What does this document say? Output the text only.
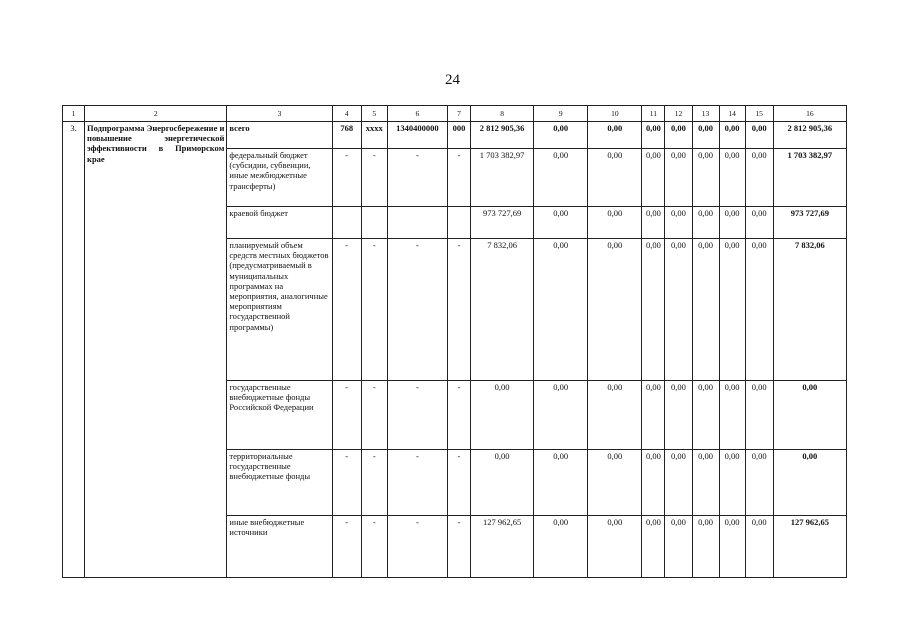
24
1	2	3	4	5	6	7	8	9	10	11	12	13	14	15	16
3.	Подпрограмма Энергосбережение и повышение энергетической эффективности в Приморском крае	всего	768	xxxx	1340400000	000	2 812 905,36	0,00	0,00	0,00	0,00	0,00	0,00	0,00	2 812 905,36
		федеральный бюджет (субсидии, субвенции, иные межбюджетные трансферты)	-	-	-	-	1 703 382,97	0,00	0,00	0,00	0,00	0,00	0,00	0,00	1 703 382,97
		краевой бюджет					973 727,69	0,00	0,00	0,00	0,00	0,00	0,00	0,00	973 727,69
		планируемый объем средств местных бюджетов (предусматриваемый в муниципальных программах на мероприятия, аналогичные мероприятиям государственной программы)	-	-	-	-	7 832,06	0,00	0,00	0,00	0,00	0,00	0,00	0,00	7 832,06
		государственные внебюджетные фонды Российской Федерации	-	-	-	-	0,00	0,00	0,00	0,00	0,00	0,00	0,00	0,00	0,00
		территориальные государственные внебюджетные фонды	-	-	-	-	0,00	0,00	0,00	0,00	0,00	0,00	0,00	0,00	0,00
		иные внебюджетные источники	-	-	-	-	127 962,65	0,00	0,00	0,00	0,00	0,00	0,00	0,00	127 962,65
